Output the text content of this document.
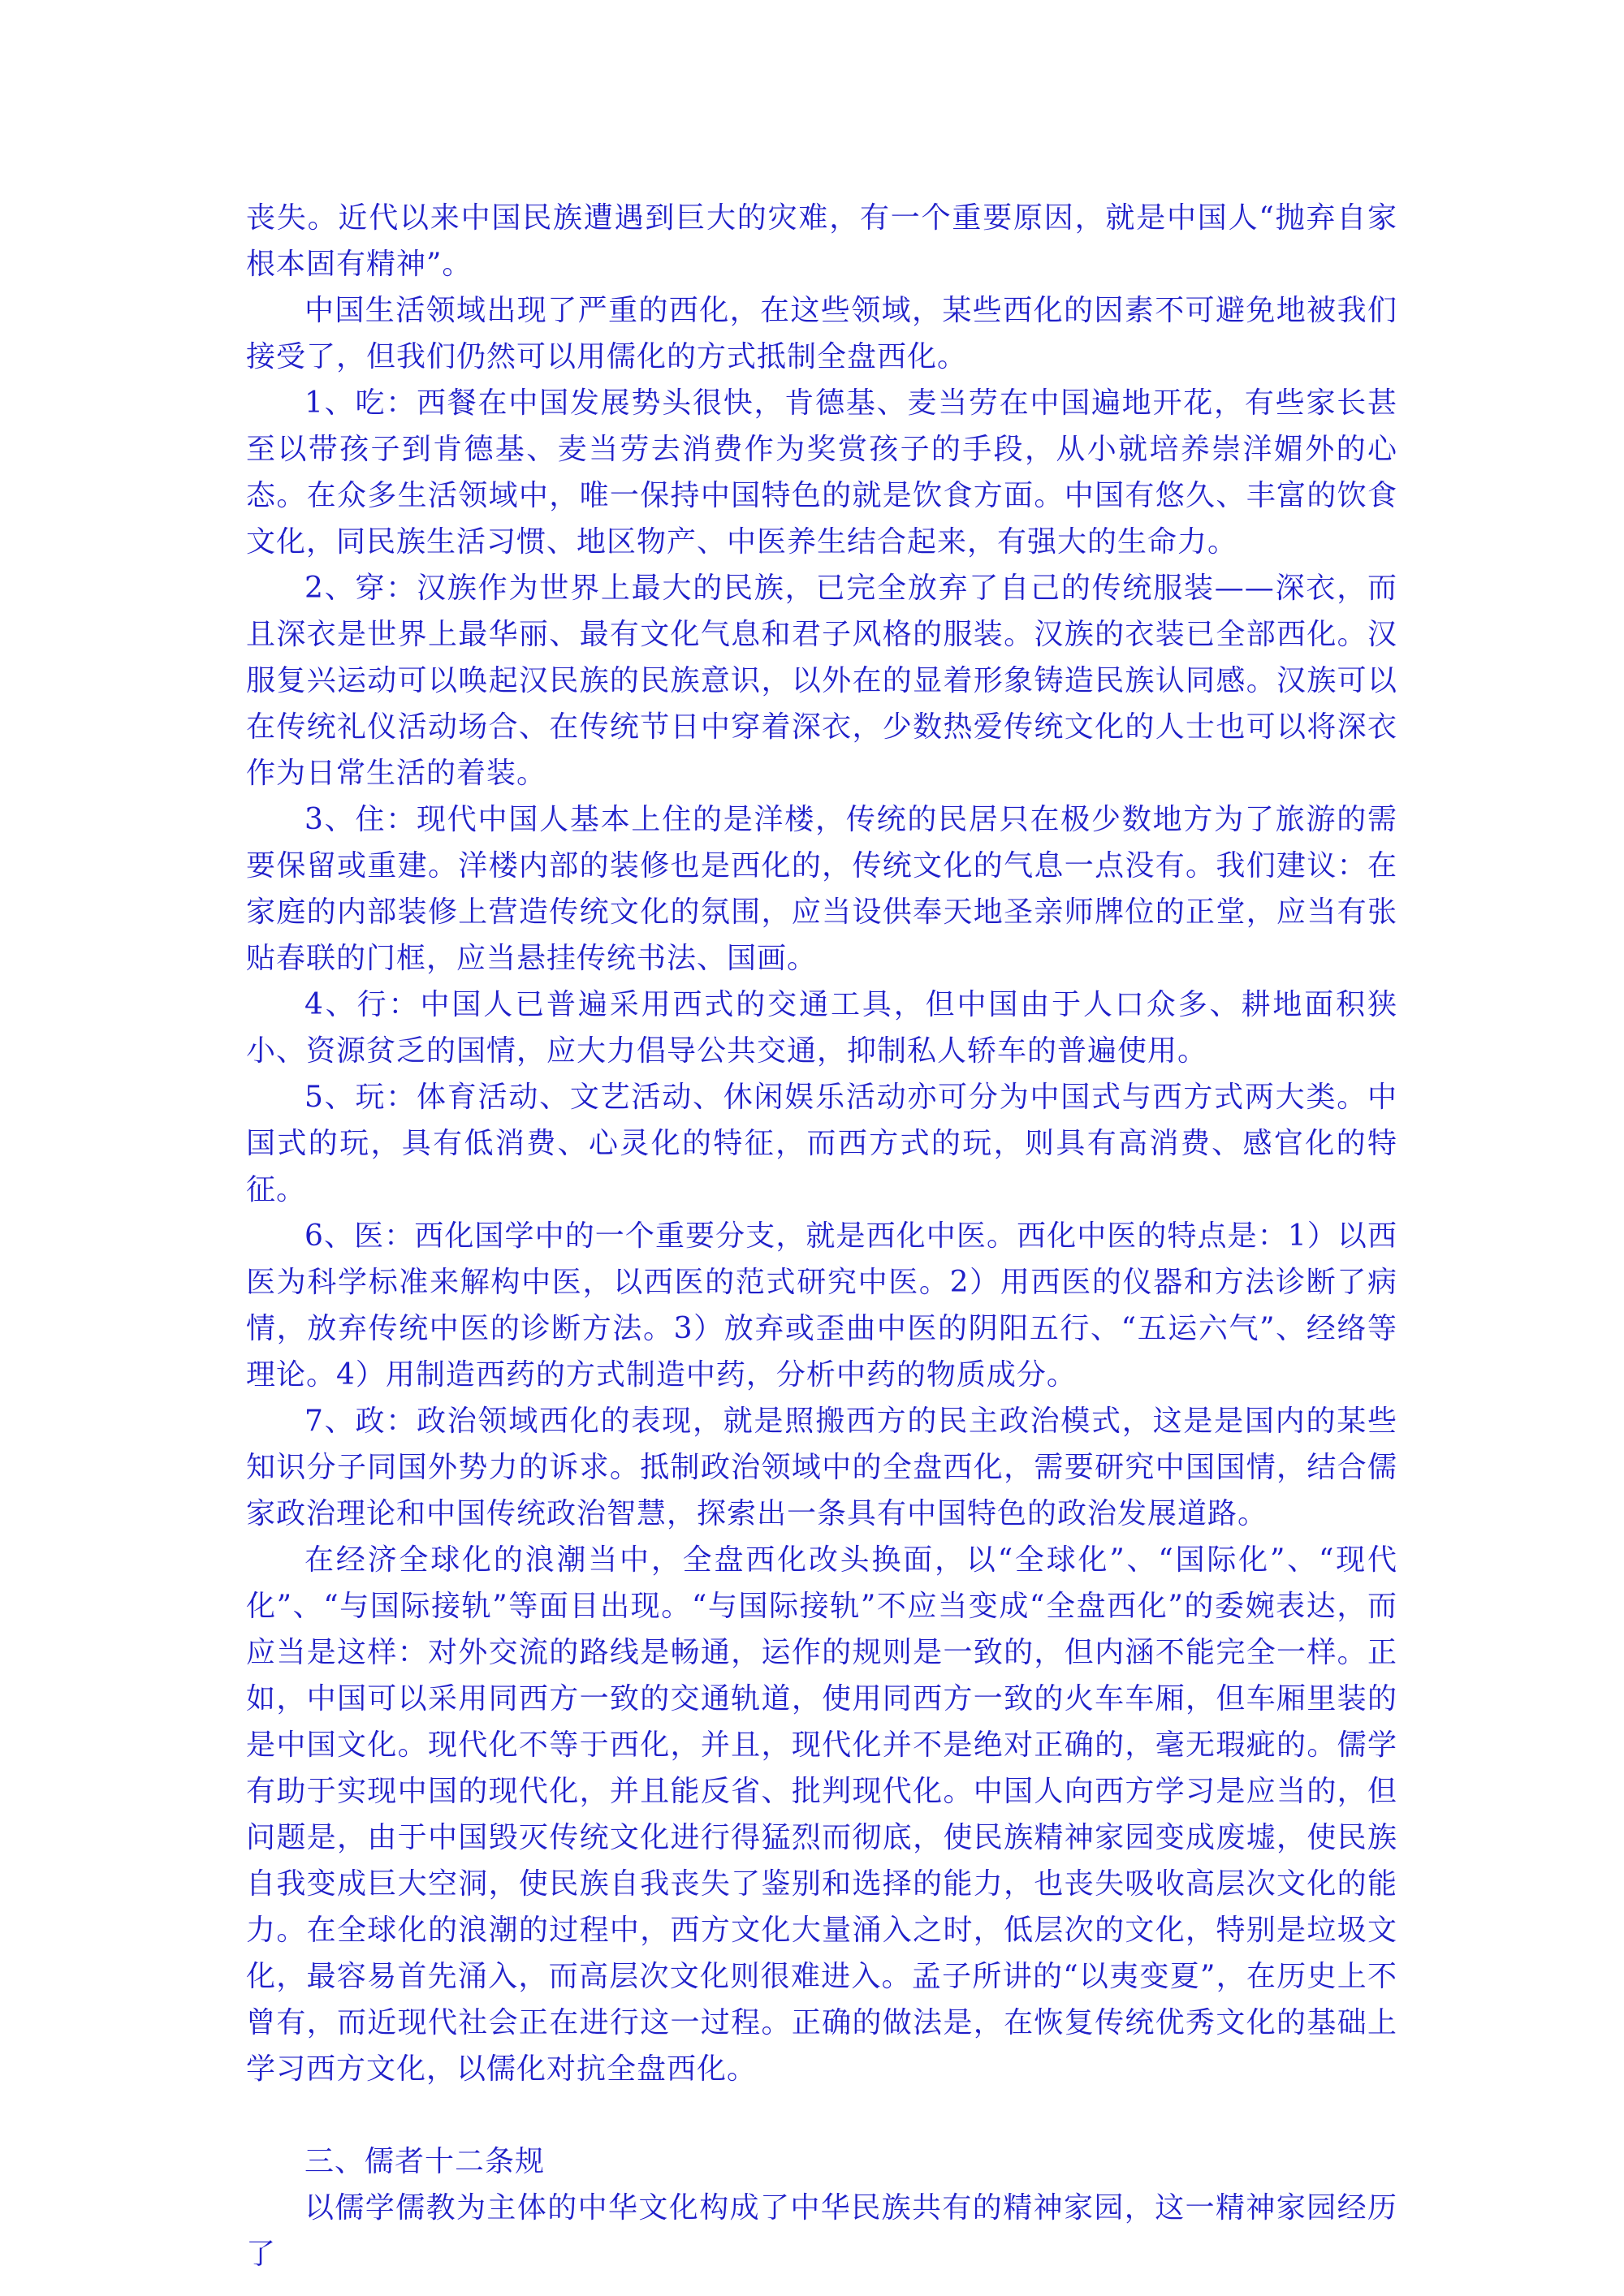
丧失。近代以来中国民族遭遇到巨大的灾难，有一个重要原因，就是中国人“抛弃自家根本固有精神”。

中国生活领域出现了严重的西化，在这些领域，某些西化的因素不可避免地被我们接受了，但我们仍然可以用儒化的方式抵制全盘西化。

1、吃：西餐在中国发展势头很快，肯德基、麦当劳在中国遍地开花，有些家长甚至以带孩子到肯德基、麦当劳去消费作为奖赏孩子的手段，从小就培养崇洋媚外的心态。在众多生活领域中，唯一保持中国特色的就是饮食方面。中国有悠久、丰富的饮食文化，同民族生活习惯、地区物产、中医养生结合起来，有强大的生命力。

2、穿：汉族作为世界上最大的民族，已完全放弃了自己的传统服装——深衣，而且深衣是世界上最华丽、最有文化气息和君子风格的服装。汉族的衣装已全部西化。汉服复兴运动可以唤起汉民族的民族意识，以外在的显着形象铸造民族认同感。汉族可以在传统礼仪活动场合、在传统节日中穿着深衣，少数热爱传统文化的人士也可以将深衣作为日常生活的着装。

3、住：现代中国人基本上住的是洋楼，传统的民居只在极少数地方为了旅游的需要保留或重建。洋楼内部的装修也是西化的，传统文化的气息一点没有。我们建议：在家庭的内部装修上营造传统文化的氛围，应当设供奉天地圣亲师牌位的正堂，应当有张贴春联的门框，应当悬挂传统书法、国画。

4、行：中国人已普遍采用西式的交通工具，但中国由于人口众多、耕地面积狭小、资源贫乏的国情，应大力倡导公共交通，抑制私人轿车的普遍使用。

5、玩：体育活动、文艺活动、休闲娱乐活动亦可分为中国式与西方式两大类。中国式的玩，具有低消费、心灵化的特征，而西方式的玩，则具有高消费、感官化的特征。

6、医：西化国学中的一个重要分支，就是西化中医。西化中医的特点是：1）以西医为科学标准来解构中医，以西医的范式研究中医。2）用西医的仪器和方法诊断了病情，放弃传统中医的诊断方法。3）放弃或歪曲中医的阴阳五行、“五运六气”、经络等理论。4）用制造西药的方式制造中药，分析中药的物质成分。

7、政：政治领域西化的表现，就是照搬西方的民主政治模式，这是是国内的某些知识分子同国外势力的诉求。抵制政治领域中的全盘西化，需要研究中国国情，结合儒家政治理论和中国传统政治智慧，探索出一条具有中国特色的政治发展道路。

在经济全球化的浪潮当中，全盘西化改头换面，以“全球化”、“国际化”、“现代化”、“与国际接轨”等面目出现。“与国际接轨”不应当变成“全盘西化”的委婉表达，而应当是这样：对外交流的路线是畅通，运作的规则是一致的，但内涵不能完全一样。正如，中国可以采用同西方一致的交通轨道，使用同西方一致的火车车厢，但车厢里装的是中国文化。现代化不等于西化，并且，现代化并不是绝对正确的，毫无瑕疵的。儒学有助于实现中国的现代化，并且能反省、批判现代化。中国人向西方学习是应当的，但问题是，由于中国毁灭传统文化进行得猛烈而彻底，使民族精神家园变成废墟，使民族自我变成巨大空洞，使民族自我丧失了鉴别和选择的能力，也丧失吸收高层次文化的能力。在全球化的浪潮的过程中，西方文化大量涌入之时，低层次的文化，特别是垃圾文化，最容易首先涌入，而高层次文化则很难进入。孟子所讲的“以夷变夏”，在历史上不曾有，而近现代社会正在进行这一过程。正确的做法是，在恢复传统优秀文化的基础上学习西方文化，以儒化对抗全盘西化。

三、儒者十二条规

以儒学儒教为主体的中华文化构成了中华民族共有的精神家园，这一精神家园经历了
